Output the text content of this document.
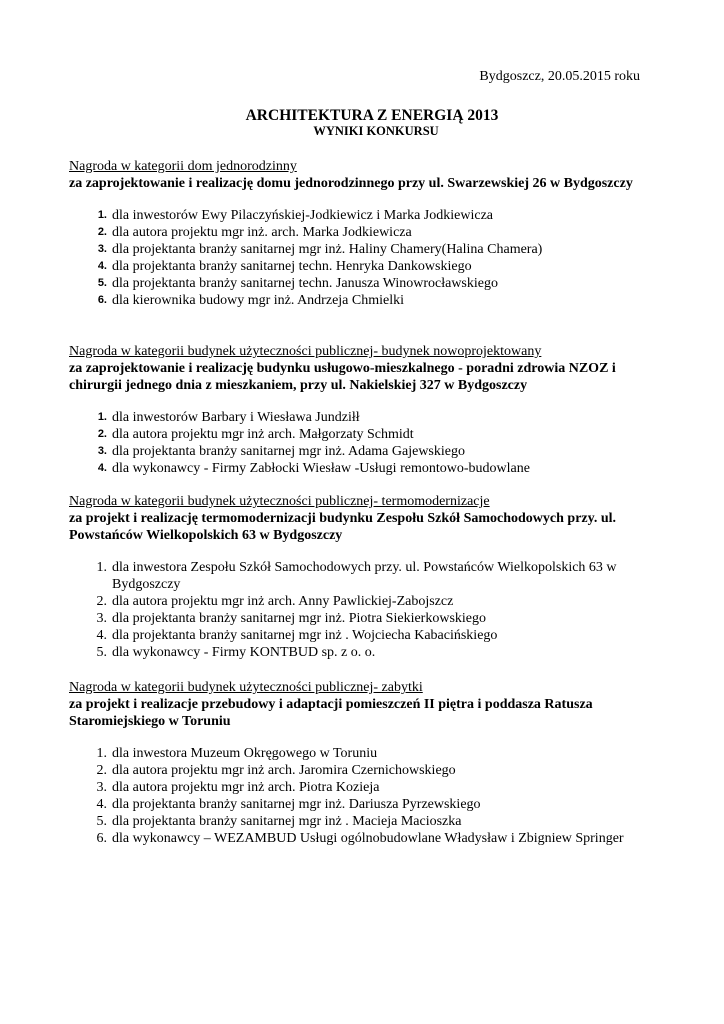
Bydgoszcz, 20.05.2015 roku
ARCHITEKTURA Z ENERGIĄ 2013
WYNIKI KONKURSU
Nagroda w kategorii dom jednorodzinny
za zaprojektowanie i realizację domu jednorodzinnego przy ul. Swarzewskiej 26 w Bydgoszczy
1. dla inwestorów Ewy Pilaczyńskiej-Jodkiewicz i Marka Jodkiewicza
2. dla autora projektu mgr inż. arch. Marka Jodkiewicza
3. dla projektanta branży sanitarnej mgr inż. Haliny Chamery(Halina Chamera)
4. dla projektanta branży sanitarnej techn. Henryka Dankowskiego
5. dla projektanta branży sanitarnej techn. Janusza Winowrocławskiego
6. dla kierownika budowy mgr inż. Andrzeja Chmielki
Nagroda w kategorii budynek użyteczności publicznej- budynek nowoprojektowany
za zaprojektowanie i realizację budynku usługowo-mieszkalnego - poradni zdrowia NZOZ i chirurgii jednego dnia z mieszkaniem, przy ul. Nakielskiej 327 w Bydgoszczy
1. dla inwestorów Barbary i Wiesława Jundziłł
2. dla autora projektu mgr inż arch. Małgorzaty Schmidt
3. dla projektanta branży sanitarnej mgr inż. Adama Gajewskiego
4. dla wykonawcy - Firmy Zabłocki Wiesław -Usługi remontowo-budowlane
Nagroda w kategorii budynek użyteczności publicznej- termomodernizacje
za projekt i realizację termomodernizacji budynku Zespołu Szkół Samochodowych przy. ul. Powstańców Wielkopolskich 63 w Bydgoszczy
1. dla inwestora Zespołu Szkół Samochodowych przy. ul. Powstańców Wielkopolskich 63 w Bydgoszczy
2. dla autora projektu mgr inż arch. Anny Pawlickiej-Zabojszcz
3. dla projektanta branży sanitarnej mgr inż. Piotra Siekierkowskiego
4. dla projektanta branży sanitarnej mgr inż . Wojciecha Kabacińskiego
5. dla wykonawcy - Firmy KONTBUD sp. z o. o.
Nagroda w kategorii budynek użyteczności publicznej- zabytki
za projekt i realizacje przebudowy i adaptacji pomieszczeń II piętra i poddasza Ratusza Staromiejskiego w Toruniu
1. dla inwestora Muzeum Okręgowego w Toruniu
2. dla autora projektu mgr inż arch. Jaromira Czernichowskiego
3. dla autora projektu mgr inż arch. Piotra Kozieja
4. dla projektanta branży sanitarnej mgr inż. Dariusza Pyrzewskiego
5. dla projektanta branży sanitarnej mgr inż . Macieja Macioszka
6. dla wykonawcy – WEZAMBUD Usługi ogólnobudowlane Władysław i Zbigniew Springer
